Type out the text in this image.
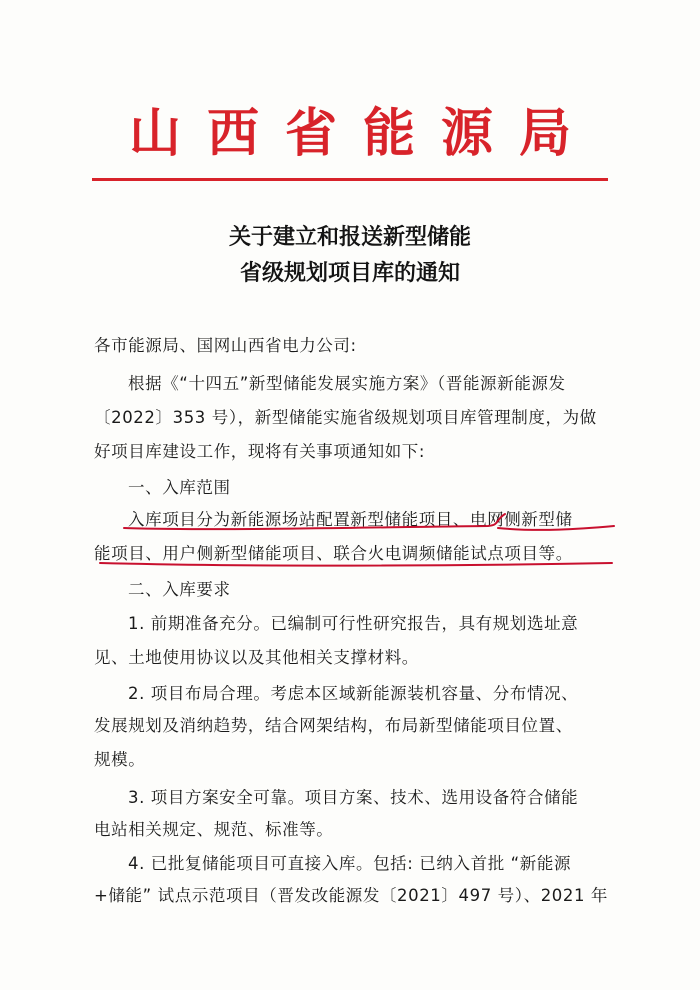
山西省能源局
关于建立和报送新型储能
省级规划项目库的通知
各市能源局、国网山西省电力公司:
根据《“十四五”新型储能发展实施方案》（晋能源新能源发
〔2022〕353 号），新型储能实施省级规划项目库管理制度，为做
好项目库建设工作，现将有关事项通知如下:
一、入库范围
入库项目分为新能源场站配置新型储能项目、电网侧新型储
能项目、用户侧新型储能项目、联合火电调频储能试点项目等。
二、入库要求
1. 前期准备充分。已编制可行性研究报告，具有规划选址意
见、土地使用协议以及其他相关支撑材料。
2. 项目布局合理。考虑本区域新能源装机容量、分布情况、
发展规划及消纳趋势，结合网架结构，布局新型储能项目位置、
规模。
3. 项目方案安全可靠。项目方案、技术、选用设备符合储能
电站相关规定、规范、标准等。
4. 已批复储能项目可直接入库。包括: 已纳入首批 “新能源
+储能” 试点示范项目（晋发改能源发〔2021〕497 号）、2021 年
